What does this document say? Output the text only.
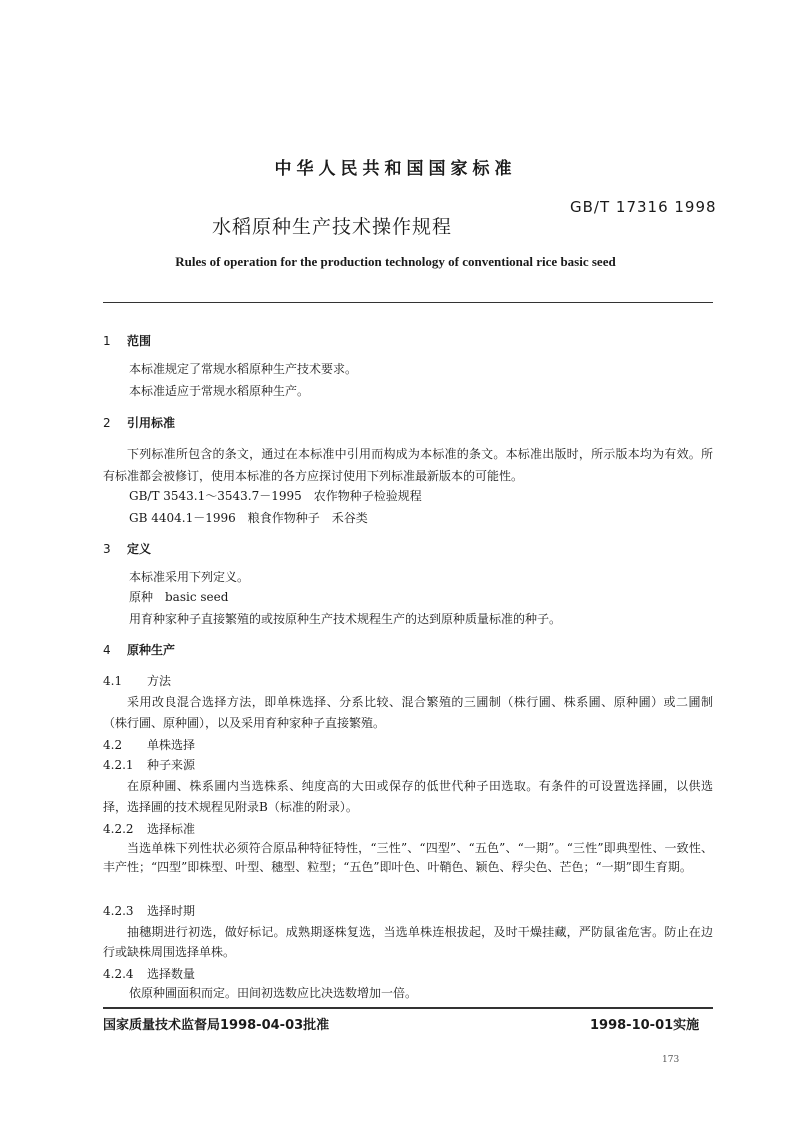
中华人民共和国国家标准
GB/T 17316 1998
水稻原种生产技术操作规程
Rules of operation for the production technology of conventional rice basic seed
1 范围
本标准规定了常规水稻原种生产技术要求。
本标准适应于常规水稻原种生产。
2 引用标准
下列标准所包含的条文，通过在本标准中引用而构成为本标准的条文。本标准出版时，所示版本均为有效。所有标准都会被修订，使用本标准的各方应探讨使用下列标准最新版本的可能性。
GB/T 3543.1～3543.7－1995　农作物种子检验规程
GB 4404.1－1996　粮食作物种子　禾谷类
3 定义
本标准采用下列定义。
原种　basic seed
用育种家种子直接繁殖的或按原种生产技术规程生产的达到原种质量标准的种子。
4 原种生产
4.1 方法
采用改良混合选择方法，即单株选择、分系比较、混合繁殖的三圃制（株行圃、株系圃、原种圃）或二圃制（株行圃、原种圃），以及采用育种家种子直接繁殖。
4.2 单株选择
4.2.1 种子来源
在原种圃、株系圃内当选株系、纯度高的大田或保存的低世代种子田选取。有条件的可设置选择圃，以供选择，选择圃的技术规程见附录B（标准的附录）。
4.2.2 选择标准
当选单株下列性状必须符合原品种特征特性，“三性”、“四型”、“五色”、“一期”。“三性”即典型性、一致性、丰产性；“四型”即株型、叶型、穗型、粒型；“五色”即叶色、叶鞘色、颖色、稃尖色、芒色；“一期”即生育期。
4.2.3 选择时期
抽穗期进行初选，做好标记。成熟期逐株复选，当选单株连根拔起，及时干燥挂藏，严防鼠雀危害。防止在边行或缺株周围选择单株。
4.2.4 选择数量
依原种圃面积而定。田间初选数应比决选数增加一倍。
国家质量技术监督局1998-04-03批准	1998-10-01实施
173
